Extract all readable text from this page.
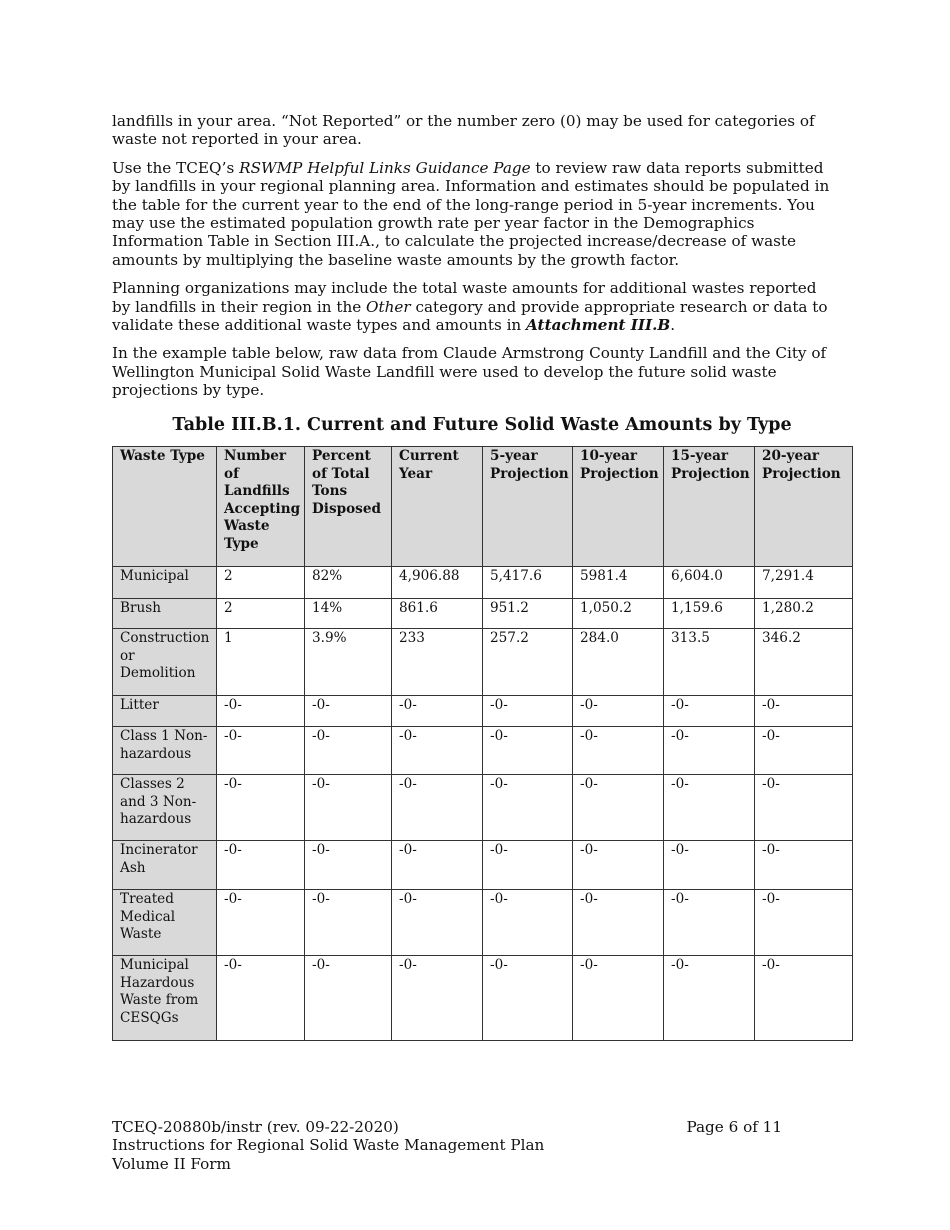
landfills in your area. “Not Reported” or the number zero (0) may be used for categories of waste not reported in your area.

Use the TCEQ’s RSWMP Helpful Links Guidance Page to review raw data reports submitted by landfills in your regional planning area. Information and estimates should be populated in the table for the current year to the end of the long-range period in 5-year increments. You may use the estimated population growth rate per year factor in the Demographics Information Table in Section III.A., to calculate the projected increase/decrease of waste amounts by multiplying the baseline waste amounts by the growth factor.

Planning organizations may include the total waste amounts for additional wastes reported by landfills in their region in the Other category and provide appropriate research or data to validate these additional waste types and amounts in Attachment III.B.

In the example table below, raw data from Claude Armstrong County Landfill and the City of Wellington Municipal Solid Waste Landfill were used to develop the future solid waste projections by type.

Table III.B.1. Current and Future Solid Waste Amounts by Type
Waste Type	Number of Landfills Accepting Waste Type	Percent of Total Tons Disposed	Current Year	5-year Projection	10-year Projection	15-year Projection	20-year Projection
Municipal	2	82%	4,906.88	5,417.6	5981.4	6,604.0	7,291.4
Brush	2	14%	861.6	951.2	1,050.2	1,159.6	1,280.2
Construction or Demolition	1	3.9%	233	257.2	284.0	313.5	346.2
Litter	-0-	-0-	-0-	-0-	-0-	-0-	-0-
Class 1 Non-hazardous	-0-	-0-	-0-	-0-	-0-	-0-	-0-
Classes 2 and 3 Non-hazardous	-0-	-0-	-0-	-0-	-0-	-0-	-0-
Incinerator Ash	-0-	-0-	-0-	-0-	-0-	-0-	-0-
Treated Medical Waste	-0-	-0-	-0-	-0-	-0-	-0-	-0-
Municipal Hazardous Waste from CESQGs	-0-	-0-	-0-	-0-	-0-	-0-	-0-
TCEQ-20880b/instr (rev. 09-22-2020)
Instructions for Regional Solid Waste Management Plan
Volume II Form
Page 6 of 11
